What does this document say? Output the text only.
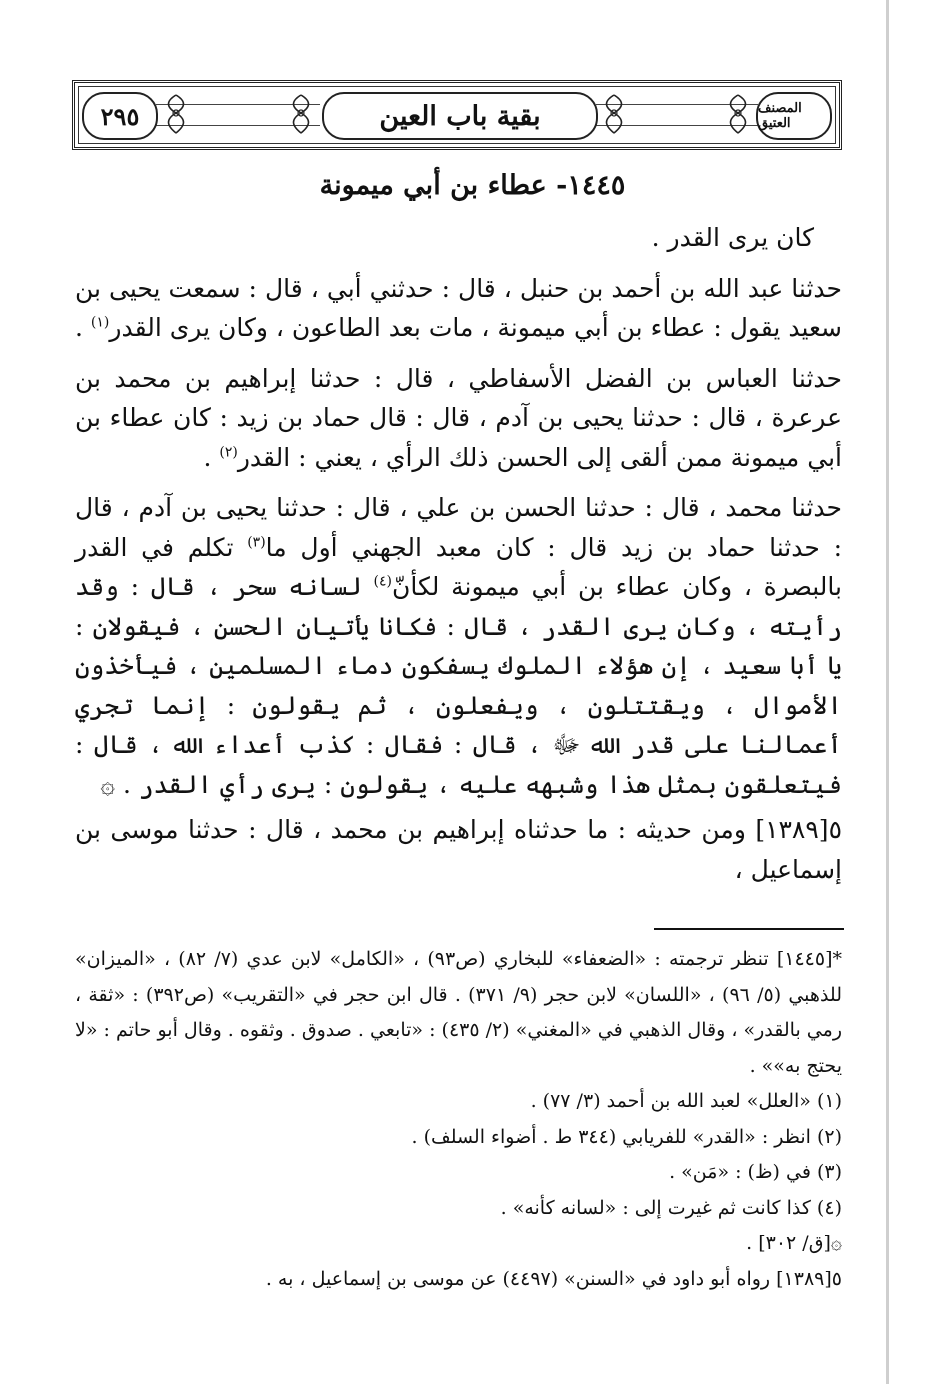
٢٩٥	بقية باب العين	المصنف العتيق
١٤٤٥- عطاء بن أبي ميمونة

كان يرى القدر .

حدثنا عبد الله بن أحمد بن حنبل ، قال : حدثني أبي ، قال : سمعت يحيى بن سعيد يقول : عطاء بن أبي ميمونة ، مات بعد الطاعون ، وكان يرى القدر$^{(١)}$ .

حدثنا العباس بن الفضل الأسفاطي ، قال : حدثنا إبراهيم بن محمد بن عرعرة ، قال : حدثنا يحيى بن آدم ، قال : قال حماد بن زيد : كان عطاء بن أبي ميمونة ممن ألقى إلى الحسن ذلك الرأي ، يعني : القدر$^{(٢)}$ .

حدثنا محمد ، قال : حدثنا الحسن بن علي ، قال : حدثنا يحيى بن آدم ، قال : حدثنا حماد بن زيد قال : كان معبد الجهني أول ما$^{(٣)}$ تكلم في القدر بالبصرة ، وكان عطاء بن أبي ميمونة لكأنّ$^{(٤)}$ لسانه سحر ، قال : وقد رأيته ، وكان يرى القدر ، قال : فكانا يأتيان الحسن ، فيقولان : يا أبا سعيد ، إن هؤلاء الملوك يسفكون دماء المسلمين ، فيأخذون الأموال ، ويقتتلون ، ويفعلون ، ثم يقولون : إنما تجري أعمالنا على قدر الله ﷻ ، قال : فقال : كذب أعداء الله ، قال : فيتعلقون بمثل هذا وشبهه عليه ، يقولون : يرى رأي القدر . ۞

٥[١٣٨٩] ومن حديثه : ما حدثناه إبراهيم بن محمد ، قال : حدثنا موسى بن إسماعيل ،

*[١٤٤٥] تنظر ترجمته : «الضعفاء» للبخاري (ص٩٣) ، «الكامل» لابن عدي (٧/ ٨٢) ، «الميزان» للذهبي (٥/ ٩٦) ، «اللسان» لابن حجر (٩/ ٣٧١) . قال ابن حجر في «التقريب» (ص٣٩٢) : «ثقة ، رمي بالقدر» ، وقال الذهبي في «المغني» (٢/ ٤٣٥) : «تابعي . صدوق . وثقوه . وقال أبو حاتم : «لا يحتج به»» .
(١) «العلل» لعبد الله بن أحمد (٣/ ٧٧) .
(٢) انظر : «القدر» للفريابي (٣٤٤ ط . أضواء السلف) .
(٣) في (ظ) : «مَن» .
(٤) كذا كانت ثم غيرت إلى : «لسانه كأنه» .
۞[ق/ ٣٠٢] .
٥[١٣٨٩] رواه أبو داود في «السنن» (٤٤٩٧) عن موسى بن إسماعيل ، به .
